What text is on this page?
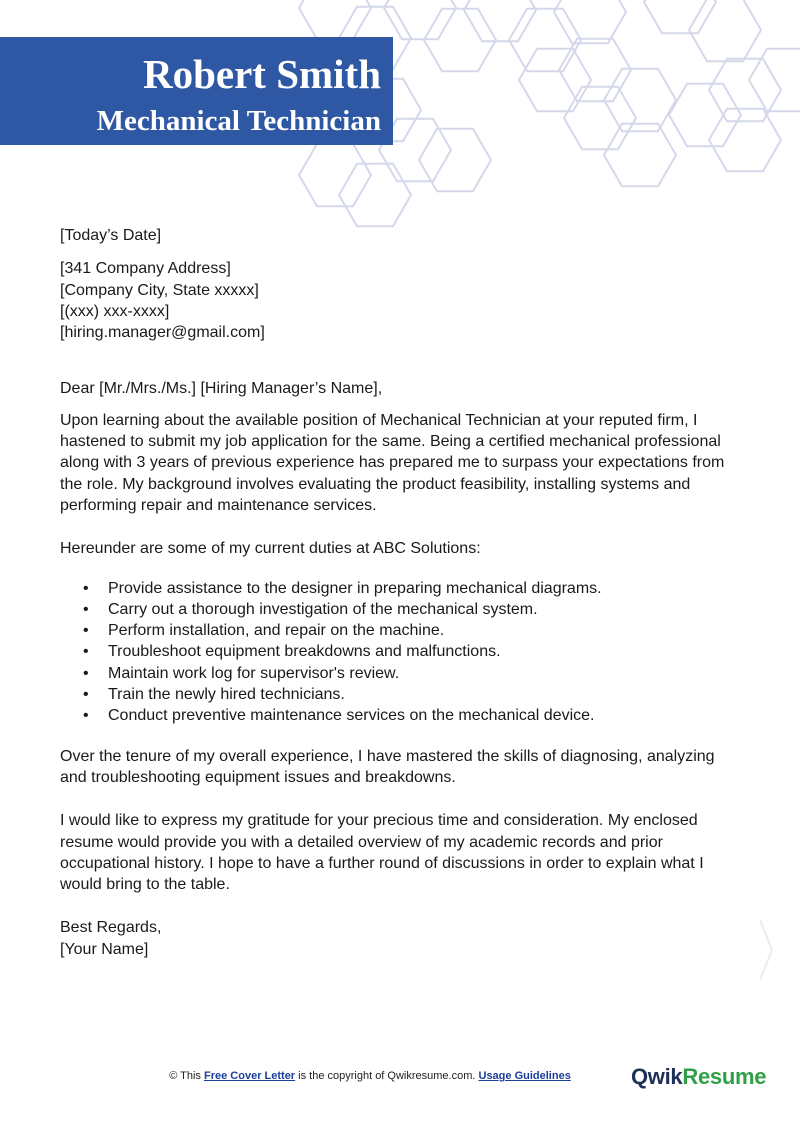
Robert Smith
Mechanical Technician

[Today’s Date]

[341 Company Address]

[Company City, State xxxxx]

[(xxx) xxx-xxxx]

[hiring.manager@gmail.com]

Dear [Mr./Mrs./Ms.] [Hiring Manager’s Name],

Upon learning about the available position of Mechanical Technician at your reputed firm, I hastened to submit my job application for the same. Being a certified mechanical professional along with 3 years of previous experience has prepared me to surpass your expectations from the role. My background involves evaluating the product feasibility, installing systems and performing repair and maintenance services.

Hereunder are some of my current duties at ABC Solutions:

• Provide assistance to the designer in preparing mechanical diagrams.
• Carry out a thorough investigation of the mechanical system.
• Perform installation, and repair on the machine.
• Troubleshoot equipment breakdowns and malfunctions.
• Maintain work log for supervisor's review.
• Train the newly hired technicians.
• Conduct preventive maintenance services on the mechanical device.

Over the tenure of my overall experience, I have mastered the skills of diagnosing, analyzing and troubleshooting equipment issues and breakdowns.

I would like to express my gratitude for your precious time and consideration. My enclosed resume would provide you with a detailed overview of my academic records and prior occupational history. I hope to have a further round of discussions in order to explain what I would bring to the table.

Best Regards,

[Your Name]

© This Free Cover Letter is the copyright of Qwikresume.com. Usage Guidelines	QwikResume
